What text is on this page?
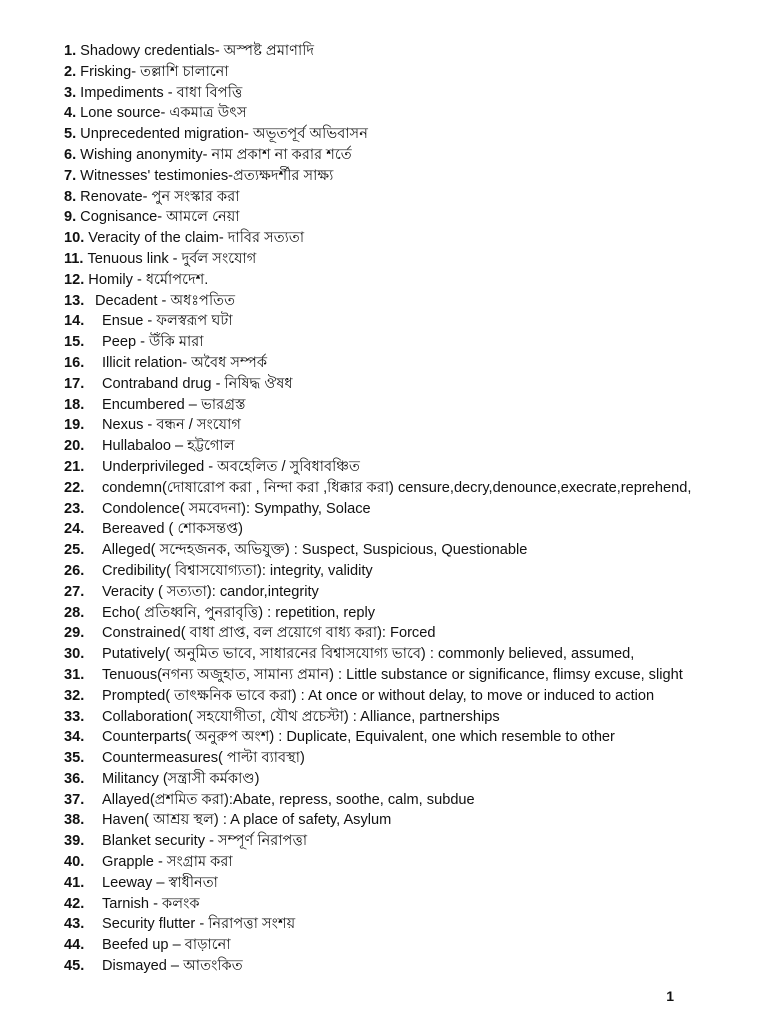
1. Shadowy credentials- অস্পষ্ট প্রমাণাদি
2. Frisking- তল্লাশি চালানো
3. Impediments - বাধা বিপত্তি
4. Lone source- একমাত্র উৎস
5. Unprecedented migration- অভূতপূর্ব অভিবাসন
6. Wishing anonymity- নাম প্রকাশ না করার শর্তে
7. Witnesses' testimonies-প্রত্যক্ষদর্শীর সাক্ষ্য
8. Renovate- পুন সংস্কার করা
9. Cognisance- আমলে নেয়া
10. Veracity of the claim- দাবির সত্যতা
11. Tenuous link - দুর্বল সংযোগ
12. Homily - ধর্মোপদেশ.
13. Decadent - অধঃপতিত
14. Ensue - ফলস্বরূপ ঘটা
15. Peep - উঁকি মারা
16. Illicit relation- অবৈধ সম্পর্ক
17. Contraband drug - নিষিদ্ধ ঔষধ
18. Encumbered – ভারগ্রস্ত
19. Nexus - বন্ধন / সংযোগ
20. Hullabaloo – হট্টগোল
21. Underprivileged - অবহেলিত / সুবিধাবঞ্চিত
22. condemn(দোষারোপ করা , নিন্দা করা ,ধিক্কার করা) censure,decry,denounce,execrate,reprehend,
23. Condolence( সমবেদনা): Sympathy, Solace
24. Bereaved ( শোকসন্তপ্ত)
25. Alleged( সন্দেহজনক, অভিযুক্ত) : Suspect, Suspicious, Questionable
26. Credibility( বিশ্বাসযোগ্যতা): integrity, validity
27. Veracity ( সত্যতা): candor,integrity
28. Echo( প্রতিধ্বনি, পুনরাবৃত্তি) : repetition, reply
29. Constrained( বাধা প্রাপ্ত, বল প্রয়োগে বাধ্য করা): Forced
30. Putatively( অনুমিত ভাবে, সাধারনের বিশ্বাসযোগ্য ভাবে) : commonly believed, assumed,
31. Tenuous(নগন্য অজুহাত, সামান্য প্রমান) : Little substance or significance, flimsy excuse, slight
32. Prompted( তাৎক্ষনিক ভাবে করা) : At once or without delay, to move or induced to action
33. Collaboration( সহযোগীতা, যৌথ প্রচেস্টা) : Alliance, partnerships
34. Counterparts( অনুরুপ অংশ) : Duplicate, Equivalent, one which resemble to other
35. Countermeasures( পাল্টা ব্যাবস্থা)
36. Militancy (সন্ত্রাসী কর্মকাণ্ড)
37. Allayed(প্রশমিত করা):Abate, repress, soothe, calm, subdue
38. Haven( আশ্রয় স্থল) : A place of safety, Asylum
39. Blanket security - সম্পূর্ণ নিরাপত্তা
40. Grapple - সংগ্রাম করা
41. Leeway – স্বাধীনতা
42. Tarnish - কলংক
43. Security flutter - নিরাপত্তা সংশয়
44. Beefed up – বাড়ানো
45. Dismayed – আতংকিত
1
